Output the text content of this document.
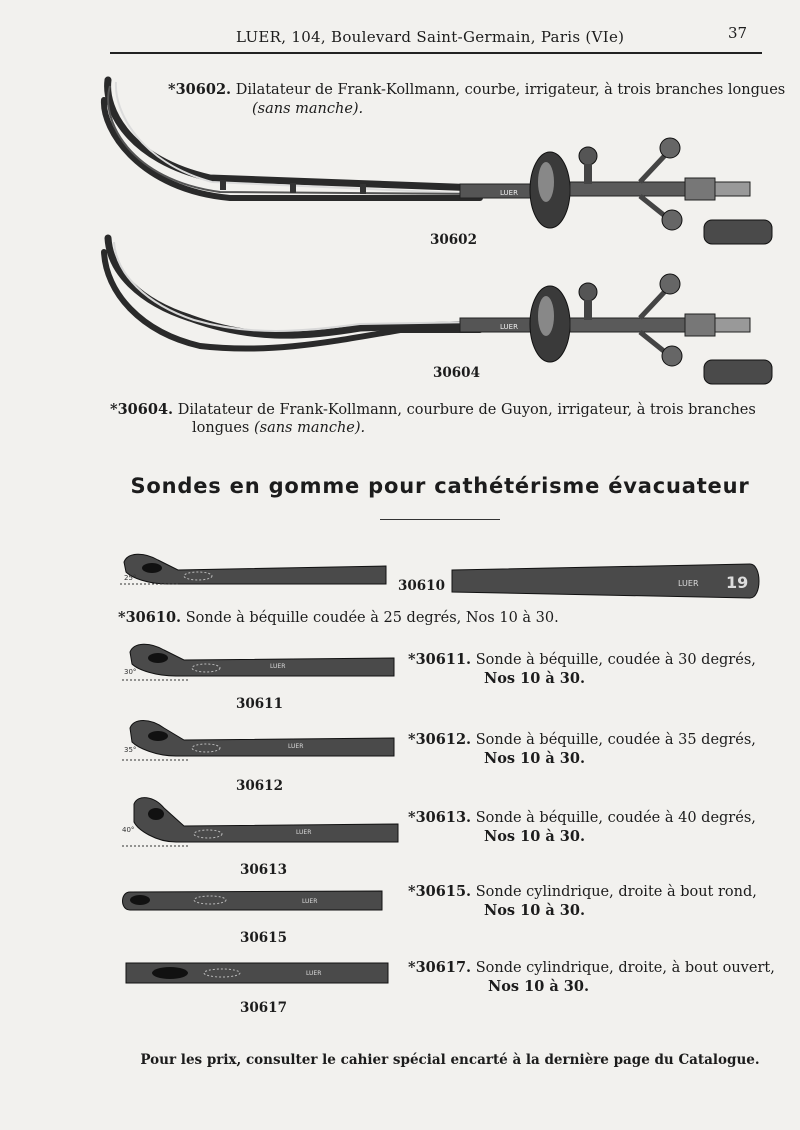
LUER, 104, Boulevard Saint-Germain, Paris (VIe)	37
*30602. Dilatateur de Frank-Kollmann, courbe, irrigateur, à trois branches longues
(sans manche).
LUER
30602
LUER
30604
*30604. Dilatateur de Frank-Kollmann, courbure de Guyon, irrigateur, à trois branches
longues (sans manche).
Sondes en gomme pour cathétérisme évacuateur
25°	30610	LUER 19
*30610. Sonde à béquille coudée à 25 degrés, Nos 10 à 30.
LUER
30°
*30611. Sonde à béquille, coudée à 30 degrés,
Nos 10 à 30.
30611
LUER
35°
*30612. Sonde à béquille, coudée à 35 degrés,
Nos 10 à 30.
30612
LUER
40°
*30613. Sonde à béquille, coudée à 40 degrés,
Nos 10 à 30.
30613
LUER
*30615. Sonde cylindrique, droite à bout rond,
Nos 10 à 30.
30615
LUER	*30617. Sonde cylindrique, droite, à bout ouvert,
Nos 10 à 30.
30617
Pour les prix, consulter le cahier spécial encarté à la dernière page du Catalogue.
